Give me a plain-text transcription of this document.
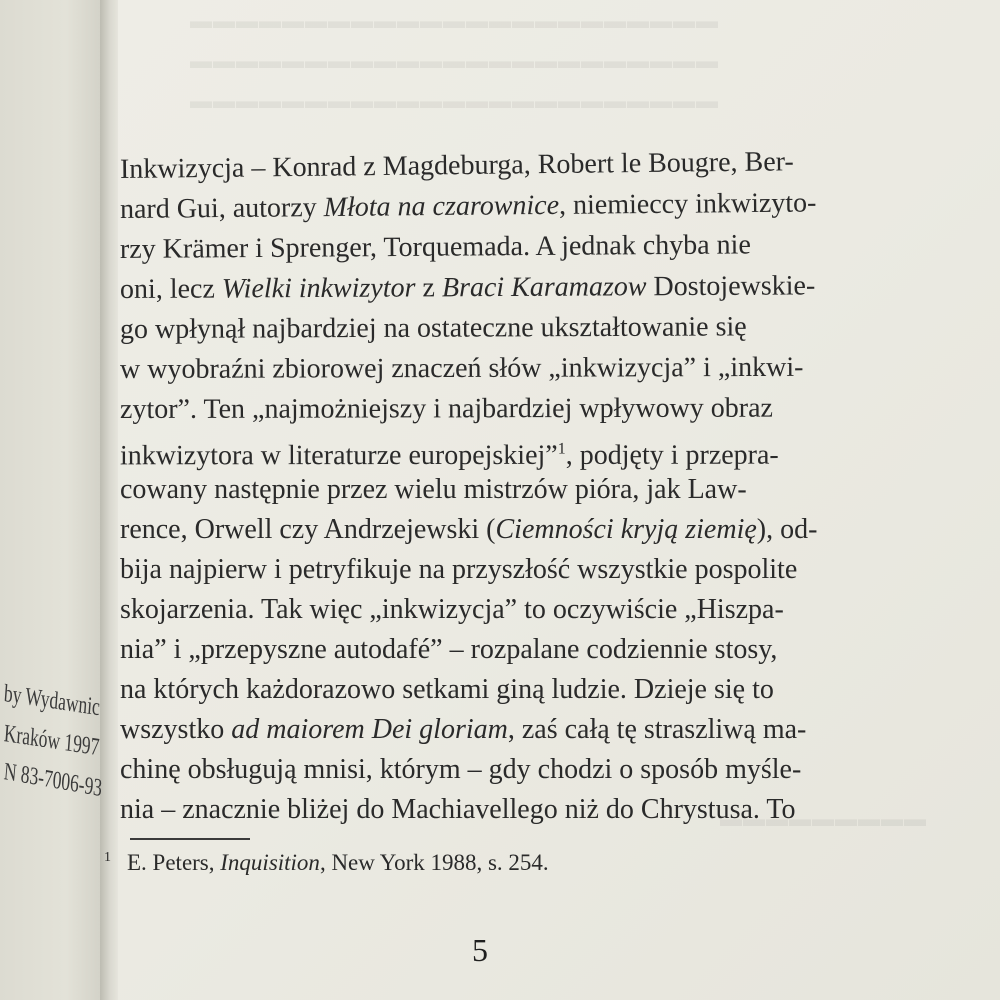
▬▬▬▬▬▬▬▬▬▬▬▬▬▬▬▬▬▬▬▬▬▬▬
▬▬▬▬▬▬▬▬▬▬▬▬▬▬▬▬▬▬▬▬▬▬▬
▬▬▬▬▬▬▬▬▬▬▬▬▬▬▬▬▬▬▬▬▬▬▬
▬▬▬▬▬▬▬▬▬
by Wydawnic
Kraków 1997
N 83-7006-93
Inkwizycja – Konrad z Magdeburga, Robert le Bougre, Ber-
nard Gui, autorzy Młota na czarownice, niemieccy inkwizyto-
rzy Krämer i Sprenger, Torquemada. A jednak chyba nie
oni, lecz Wielki inkwizytor z Braci Karamazow Dostojewskie-
go wpłynął najbardziej na ostateczne ukształtowanie się
w wyobraźni zbiorowej znaczeń słów „inkwizycja” i „inkwi-
zytor”. Ten „najmożniejszy i najbardziej wpływowy obraz
inkwizytora w literaturze europejskiej”$^1$, podjęty i przepra-
cowany następnie przez wielu mistrzów pióra, jak Law-
rence, Orwell czy Andrzejewski (Ciemności kryją ziemię), od-
bija najpierw i petryfikuje na przyszłość wszystkie pospolite
skojarzenia. Tak więc „inkwizycja” to oczywiście „Hiszpa-
nia” i „przepyszne autodafé” – rozpalane codziennie stosy,
na których każdorazowo setkami giną ludzie. Dzieje się to
wszystko ad maiorem Dei gloriam, zaś całą tę straszliwą ma-
chinę obsługują mnisi, którym – gdy chodzi o sposób myśle-
nia – znacznie bliżej do Machiavellego niż do Chrystusa. To
$^1$ E. Peters, Inquisition, New York 1988, s. 254.
5
